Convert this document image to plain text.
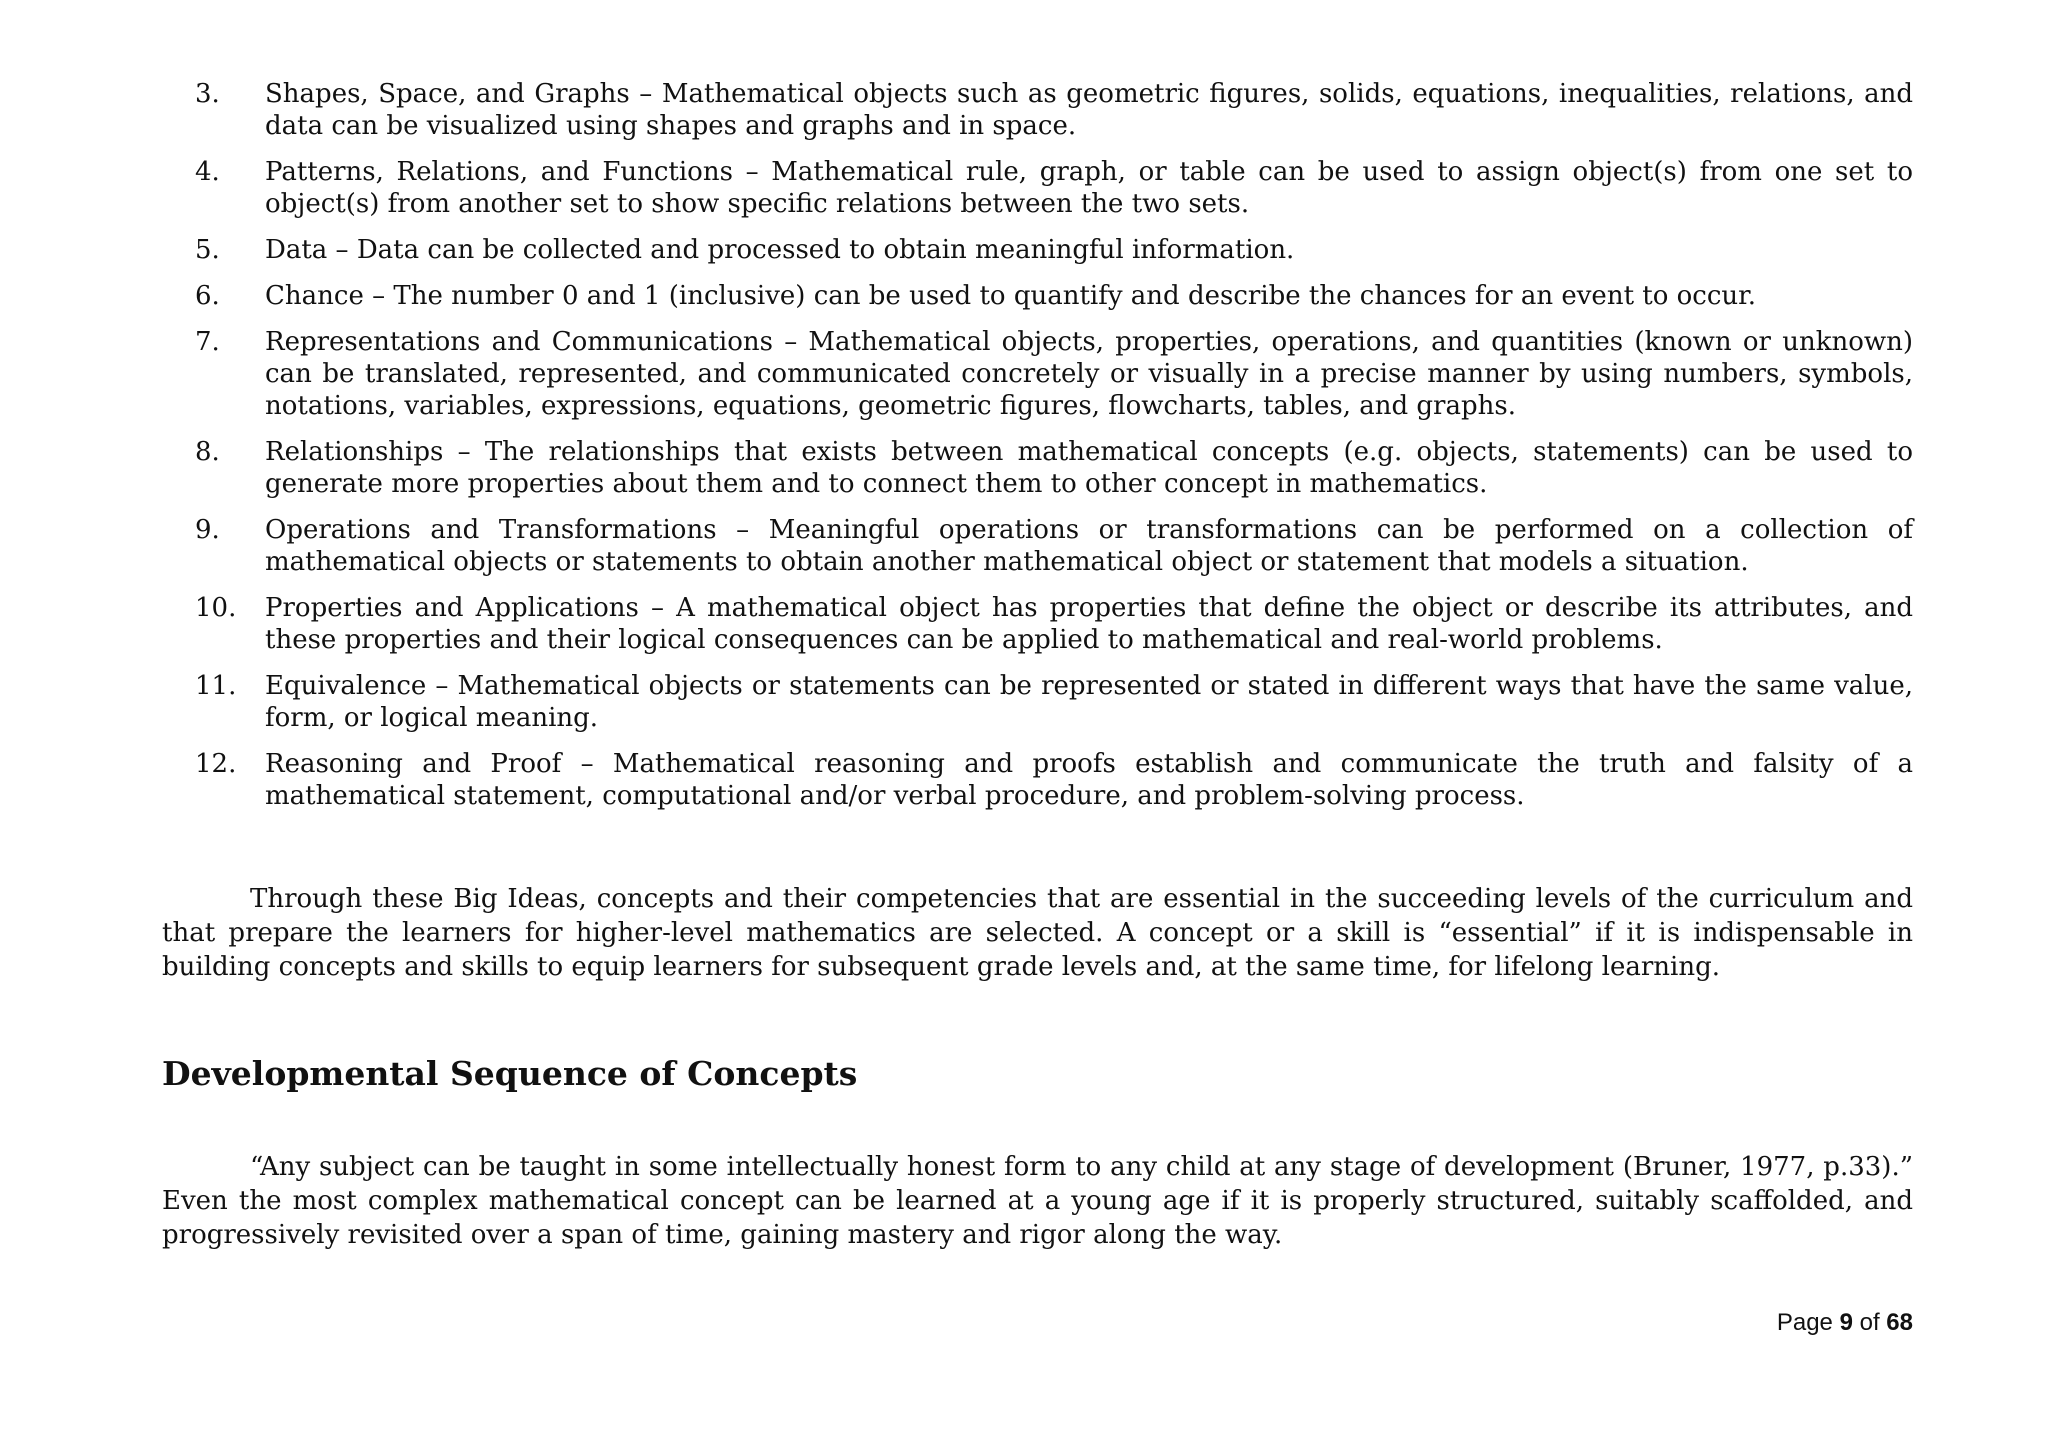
3.	Shapes, Space, and Graphs – Mathematical objects such as geometric figures, solids, equations, inequalities, relations, and data can be visualized using shapes and graphs and in space.
4.	Patterns, Relations, and Functions – Mathematical rule, graph, or table can be used to assign object(s) from one set to object(s) from another set to show specific relations between the two sets.
5.	Data – Data can be collected and processed to obtain meaningful information.
6.	Chance – The number 0 and 1 (inclusive) can be used to quantify and describe the chances for an event to occur.
7.	Representations and Communications – Mathematical objects, properties, operations, and quantities (known or unknown) can be translated, represented, and communicated concretely or visually in a precise manner by using numbers, symbols, notations, variables, expressions, equations, geometric figures, flowcharts, tables, and graphs.
8.	Relationships – The relationships that exists between mathematical concepts (e.g. objects, statements) can be used to generate more properties about them and to connect them to other concept in mathematics.
9.	Operations and Transformations – Meaningful operations or transformations can be performed on a collection of mathematical objects or statements to obtain another mathematical object or statement that models a situation.
10.	Properties and Applications – A mathematical object has properties that define the object or describe its attributes, and these properties and their logical consequences can be applied to mathematical and real-world problems.
11.	Equivalence – Mathematical objects or statements can be represented or stated in different ways that have the same value, form, or logical meaning.
12.	Reasoning and Proof – Mathematical reasoning and proofs establish and communicate the truth and falsity of a mathematical statement, computational and/or verbal procedure, and problem-solving process.

Through these Big Ideas, concepts and their competencies that are essential in the succeeding levels of the curriculum and that prepare the learners for higher-level mathematics are selected. A concept or a skill is “essential” if it is indispensable in building concepts and skills to equip learners for subsequent grade levels and, at the same time, for lifelong learning.

Developmental Sequence of Concepts

“Any subject can be taught in some intellectually honest form to any child at any stage of development (Bruner, 1977, p.33).” Even the most complex mathematical concept can be learned at a young age if it is properly structured, suitably scaffolded, and progressively revisited over a span of time, gaining mastery and rigor along the way.

Page 9 of 68
